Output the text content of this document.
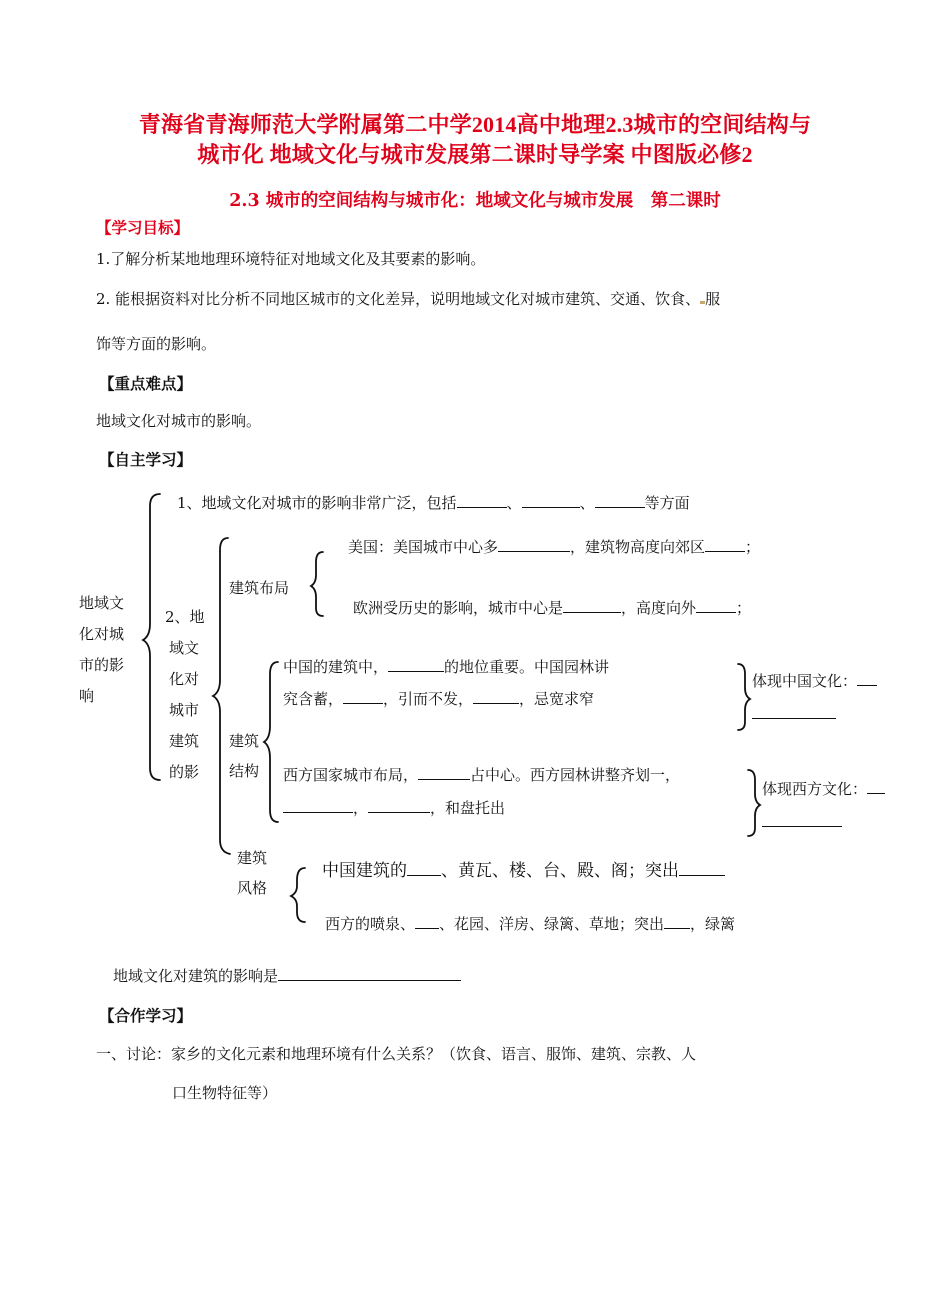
青海省青海师范大学附属第二中学2014高中地理2.3城市的空间结构与
城市化 地域文化与城市发展第二课时导学案 中图版必修2
2.3 城市的空间结构与城市化：地域文化与城市发展　第二课时
【学习目标】
1.了解分析某地地理环境特征对地域文化及其要素的影响。
2. 能根据资料对比分析不同地区城市的文化差异，说明地域文化对城市建筑、交通、饮食、 服
饰等方面的影响。
【重点难点】
地域文化对城市的影响。
【自主学习】
地域文
化对城
市的影
响
1、地域文化对城市的影响非常广泛，包括	、	、	等方面
2、地
域文
化对
城市
建筑
的影
建筑布局
美国：美国城市中心多	，建筑物高度向郊区	；
欧洲受历史的影响，城市中心是	，高度向外	；
建筑
结构
中国的建筑中，	的地位重要。中国园林讲
究含蓄，	，引而不发，	，忌宽求窄
体现中国文化：
西方国家城市布局，	占中心。西方园林讲整齐划一，
，	，和盘托出
体现西方文化：
建筑
风格
中国建筑的 、黄瓦、楼、台、殿、阁；突出
西方的喷泉、 、花园、洋房、绿篱、草地；突出 ，绿篱
地域文化对建筑的影响是
【合作学习】
一、讨论：家乡的文化元素和地理环境有什么关系？（饮食、语言、服饰、建筑、宗教、人
口生物特征等）
